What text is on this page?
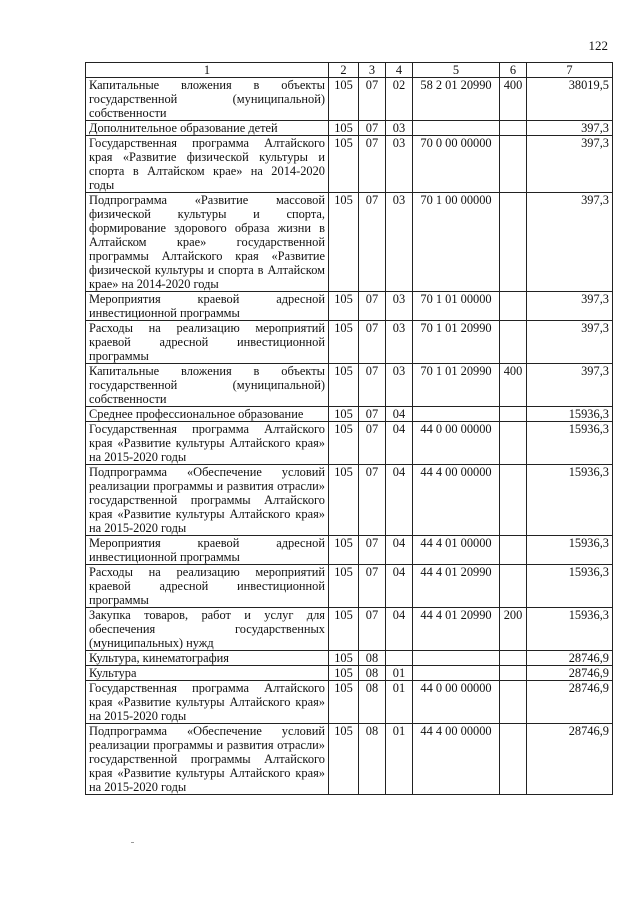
122
1	2	3	4	5	6	7
Капитальные вложения в объекты государственной (муниципальной) собственности	105	07	02	58 2 01 20990	400	38019,5
Дополнительное образование детей	105	07	03			397,3
Государственная программа Алтайского края «Развитие физической культуры и спорта в Алтайском крае» на 2014-2020 годы	105	07	03	70 0 00 00000		397,3
Подпрограмма «Развитие массовой физической культуры и спорта, формирование здорового образа жизни в Алтайском крае» государственной программы Алтайского края «Развитие физической культуры и спорта в Алтайском крае» на 2014-2020 годы	105	07	03	70 1 00 00000		397,3
Мероприятия краевой адресной инвестиционной программы	105	07	03	70 1 01 00000		397,3
Расходы на реализацию мероприятий краевой адресной инвестиционной программы	105	07	03	70 1 01 20990		397,3
Капитальные вложения в объекты государственной (муниципальной) собственности	105	07	03	70 1 01 20990	400	397,3
Среднее профессиональное образование	105	07	04			15936,3
Государственная программа Алтайского края «Развитие культуры Алтайского края» на 2015-2020 годы	105	07	04	44 0 00 00000		15936,3
Подпрограмма «Обеспечение условий реализации программы и развития отрасли» государственной программы Алтайского края «Развитие культуры Алтайского края» на 2015-2020 годы	105	07	04	44 4 00 00000		15936,3
Мероприятия краевой адресной инвестиционной программы	105	07	04	44 4 01 00000		15936,3
Расходы на реализацию мероприятий краевой адресной инвестиционной программы	105	07	04	44 4 01 20990		15936,3
Закупка товаров, работ и услуг для обеспечения государственных (муниципальных) нужд	105	07	04	44 4 01 20990	200	15936,3
Культура, кинематография	105	08				28746,9
Культура	105	08	01			28746,9
Государственная программа Алтайского края «Развитие культуры Алтайского края» на 2015-2020 годы	105	08	01	44 0 00 00000		28746,9
Подпрограмма «Обеспечение условий реализации программы и развития отрасли» государственной программы Алтайского края «Развитие культуры Алтайского края» на 2015-2020 годы	105	08	01	44 4 00 00000		28746,9
